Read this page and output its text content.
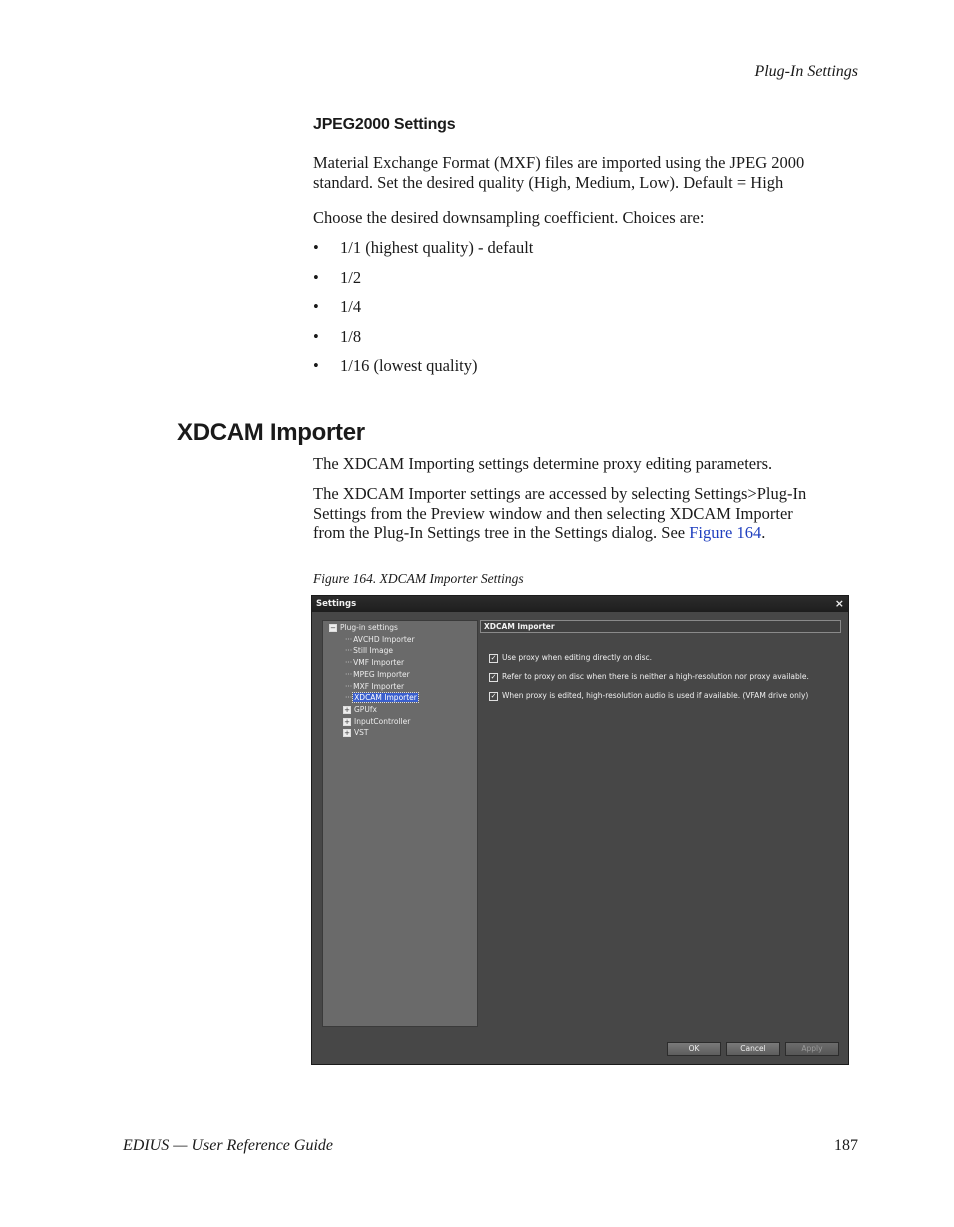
Plug-In Settings
JPEG2000 Settings
Material Exchange Format (MXF) files are imported using the JPEG 2000
standard. Set the desired quality (High, Medium, Low). Default = High
Choose the desired downsampling coefficient. Choices are:
•	1/1 (highest quality) - default
•	1/2
•	1/4
•	1/8
•	1/16 (lowest quality)
XDCAM Importer
The XDCAM Importing settings determine proxy editing parameters.
The XDCAM Importer settings are accessed by selecting Settings>Plug-In
Settings from the Preview window and then selecting XDCAM Importer
from the Plug-In Settings tree in the Settings dialog. See Figure 164.
Figure 164. XDCAM Importer Settings
Settings	×
− Plug-in settings
···AVCHD Importer
···Still Image
···VMF Importer
···MPEG Importer
···MXF Importer
··· XDCAM Importer
+ GPUfx
+ InputController
+ VST
XDCAM Importer
✓ Use proxy when editing directly on disc.
✓ Refer to proxy on disc when there is neither a high-resolution nor proxy available.
✓ When proxy is edited, high-resolution audio is used if available. (VFAM drive only)
OK	Cancel	Apply
EDIUS — User Reference Guide	187
